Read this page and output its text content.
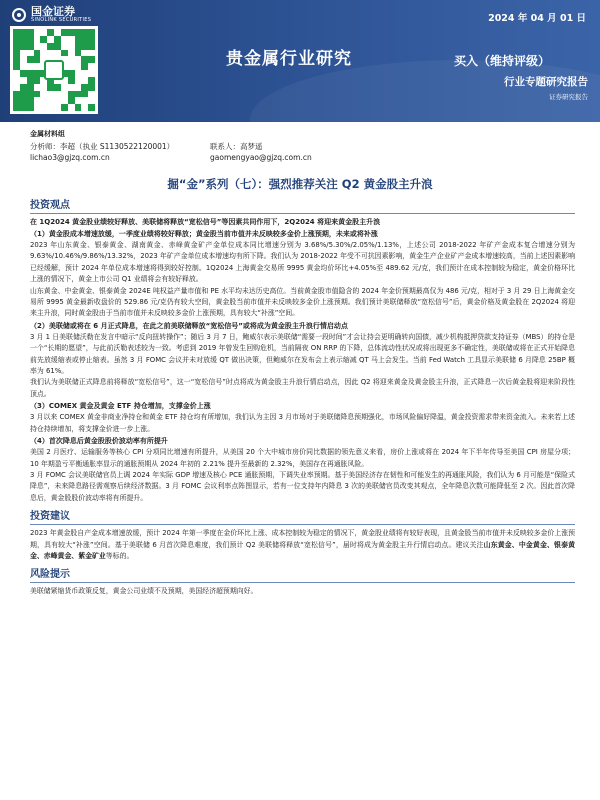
国金证券
SINOLINK SECURITIES	2024 年 04 月 01 日
贵金属行业研究	买入（维持评级）
行业专题研究报告
证券研究报告
金属材料组
分析师：李超（执业 S1130522120001）	联系人：高梦遥
lichao3@gjzq.com.cn	gaomengyao@gjzq.com.cn
掘“金”系列（七）：强烈推荐关注 Q2 黄金股主升浪
投资观点
在 1Q2024 黄金股业绩较好释放、美联储将释放“宽松信号”等因素共同作用下，2Q2024 将迎来黄金股主升浪
（1）黄金股成本增速放缓，一季度业绩将较好释放；黄金股当前市值并未反映较多金价上涨预期，未来或将补涨

2023 年山东黄金、银泰黄金、湖南黄金、赤峰黄金矿产金单位成本同比增速分别为 3.68%/5.30%/2.05%/1.13%，上述公司 2018-2022 年矿产金成本复合增速分别为 9.63%/10.46%/9.86%/13.32%，2023 年矿产金单位成本增速均有所下降。我们认为 2018-2022 年受不可抗因素影响，黄金生产企业矿产金成本增速较高，当前上述因素影响已经缓解，预计 2024 年单位成本增速将得到较好控制。1Q2024 上海黄金交易所 9995 黄金均价环比+4.05%至 489.62 元/克，我们预计在成本控制较为稳定，黄金价格环比上涨的情况下，黄金上市公司 Q1 业绩将会有较好释放。

山东黄金、中金黄金、银泰黄金 2024E 吨权益产量市值和 PE 水平均未达历史高位。当前黄金股市值隐含的 2024 年金价预期最高仅为 486 元/克，相对于 3 月 29 日上海黄金交易所 9995 黄金最新收盘价的 529.86 元/克仍有较大空间，黄金股当前市值并未反映较多金价上涨预期。我们预计美联储释放“宽松信号”后，黄金价格及黄金股在 2Q2024 将迎来主升浪，同时黄金股由于当前市值并未反映较多金价上涨预期，具有较大“补涨”空间。

（2）美联储或将在 6 月正式降息，在此之前美联储释放“宽松信号”或将成为黄金股主升浪行情启动点

3 月 1 日美联储沃勒在发言中暗示“反向扭转操作”；随后 3 月 7 日，鲍威尔表示美联储“需要一段时间”才会让持会更明确转向国债，减少机构抵押贷款支持证券（MBS）的持仓是一个“长期的愿望”，与此前沃勒表述较为一致。考虑到 2019 年曾发生回购危机，当前隔夜 ON RRP 的下降，总体流动性状况或将出现更多不确定性，美联储或将在正式开始降息前先放缓缩表或停止缩表。虽然 3 月 FOMC 会议并未对放缓 QT 做出决策，但鲍威尔在发布会上表示缩减 QT 马上会发生。当前 Fed Watch 工具显示美联储 6 月降息 25BP 概率为 61%。

我们认为美联储正式降息前将释放“宽松信号”，这一“宽松信号”时点将成为黄金股主升浪行情启动点，因此 Q2 将迎来黄金及黄金股主升浪，正式降息一次后黄金股将迎来阶段性顶点。

（3）COMEX 黄金及黄金 ETF 持仓增加，支撑金价上涨

3 月以来 COMEX 黄金非商业净持仓和黄金 ETF 持仓均有所增加，我们认为主因 3 月市场对于美联储降息预期强化，市场风险偏好降温，黄金投资需求带来资金流入。未来若上述持仓持续增加，将支撑金价进一步上涨。

（4）首次降息后黄金股股价波动率有所提升

美国 2 月医疗、运输服务等核心 CPI 分项同比增速有所提升，从美国 20 个大中城市房价同比数据的领先意义来看，房价上涨或将在 2024 年下半年传导至美国 CPI 房屋分项；10 年期盈亏平衡通胀率显示的通胀预期从 2024 年初的 2.21% 提升至最新的 2.32%，美国存在再通胀风险。

3 月 FOMC 会议美联储官员上调 2024 年实际 GDP 增速及核心 PCE 通胀预期，下调失业率预期。基于美国经济存在韧性和可能发生的再通胀风险，我们认为 6 月可能是“保险式降息”，未来降息路径需观察后续经济数据。3 月 FOMC 会议利率点阵图显示，若有一位支持年内降息 3 次的美联储官员改变其观点，全年降息次数可能降低至 2 次。因此首次降息后，黄金股股价波动率将有所提升。

投资建议

2023 年黄金股自产金成本增速放缓，预计 2024 年第一季度在金价环比上涨、成本控制较为稳定的情况下，黄金股业绩将有较好表现，且黄金股当前市值并未反映较多金价上涨预期，具有较大“补涨”空间。基于美联储 6 月首次降息难度，我们预计 Q2 美联储将释放“宽松信号”，届时将成为黄金股主升行情启动点。建议关注山东黄金、中金黄金、银泰黄金、赤峰黄金、紫金矿业等标的。

风险提示

美联储紧缩货币政策反复，黄金公司业绩不及预期，美国经济超预期向好。
